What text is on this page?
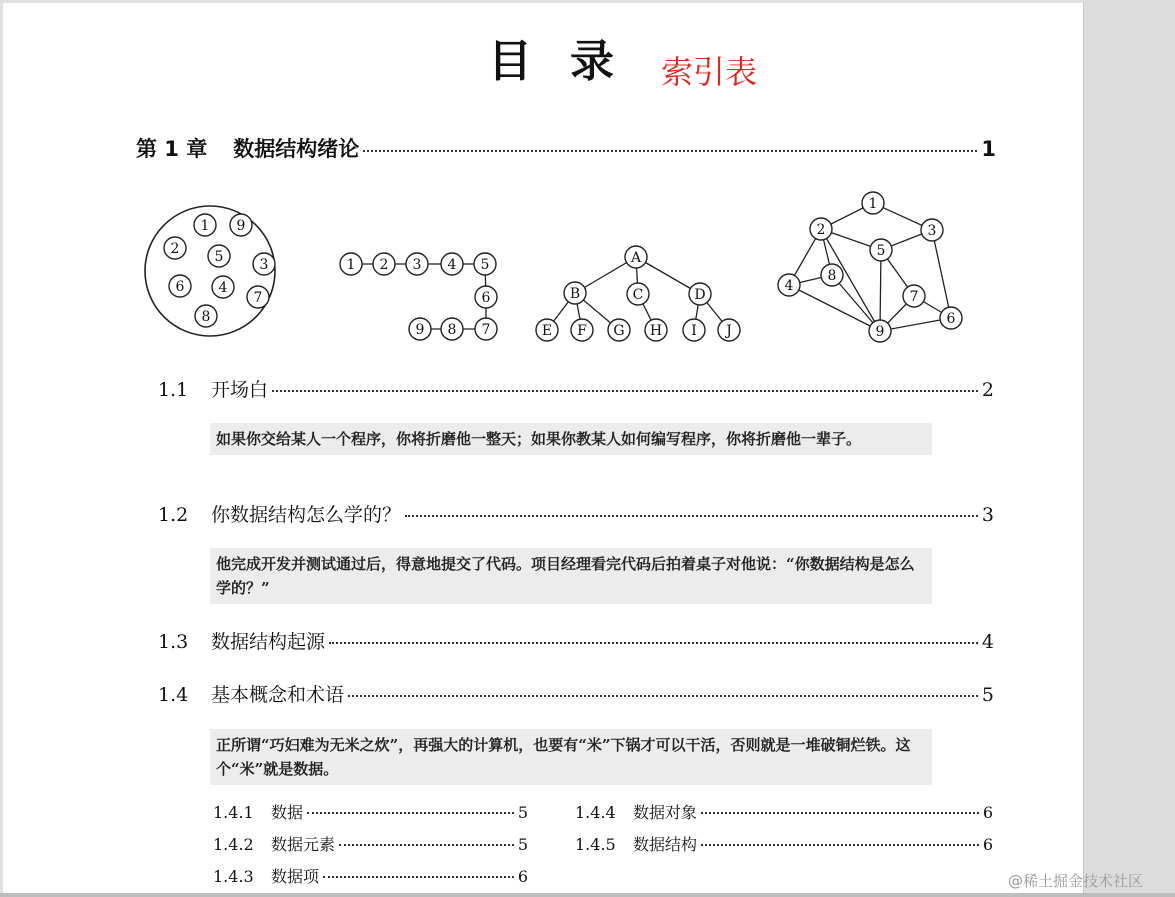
目录 索引表
第 1 章 数据结构绪论	1
1 9
2	5	3
6 4
7
8
1 2 3 4 5
6
7
8
9
A
B	C	D
E F G H I J
1
2	3
4
5
6
7
8
9
1.1	开场白	2
如果你交给某人一个程序，你将折磨他一整天；如果你教某人如何编写程序，你将折磨他一辈子。
1.2	你数据结构怎么学的？	3
他完成开发并测试通过后，得意地提交了代码。项目经理看完代码后拍着桌子对他说：“你数据结构是怎么学的？”
1.3	数据结构起源	4
1.4	基本概念和术语	5
正所谓“巧妇难为无米之炊”，再强大的计算机，也要有“米”下锅才可以干活，否则就是一堆破铜烂铁。这个“米”就是数据。
1.4.1	数据	5
1.4.2	数据元素	5
1.4.3	数据项	6
1.4.4	数据对象	6
1.4.5	数据结构	6
@稀土掘金技术社区
